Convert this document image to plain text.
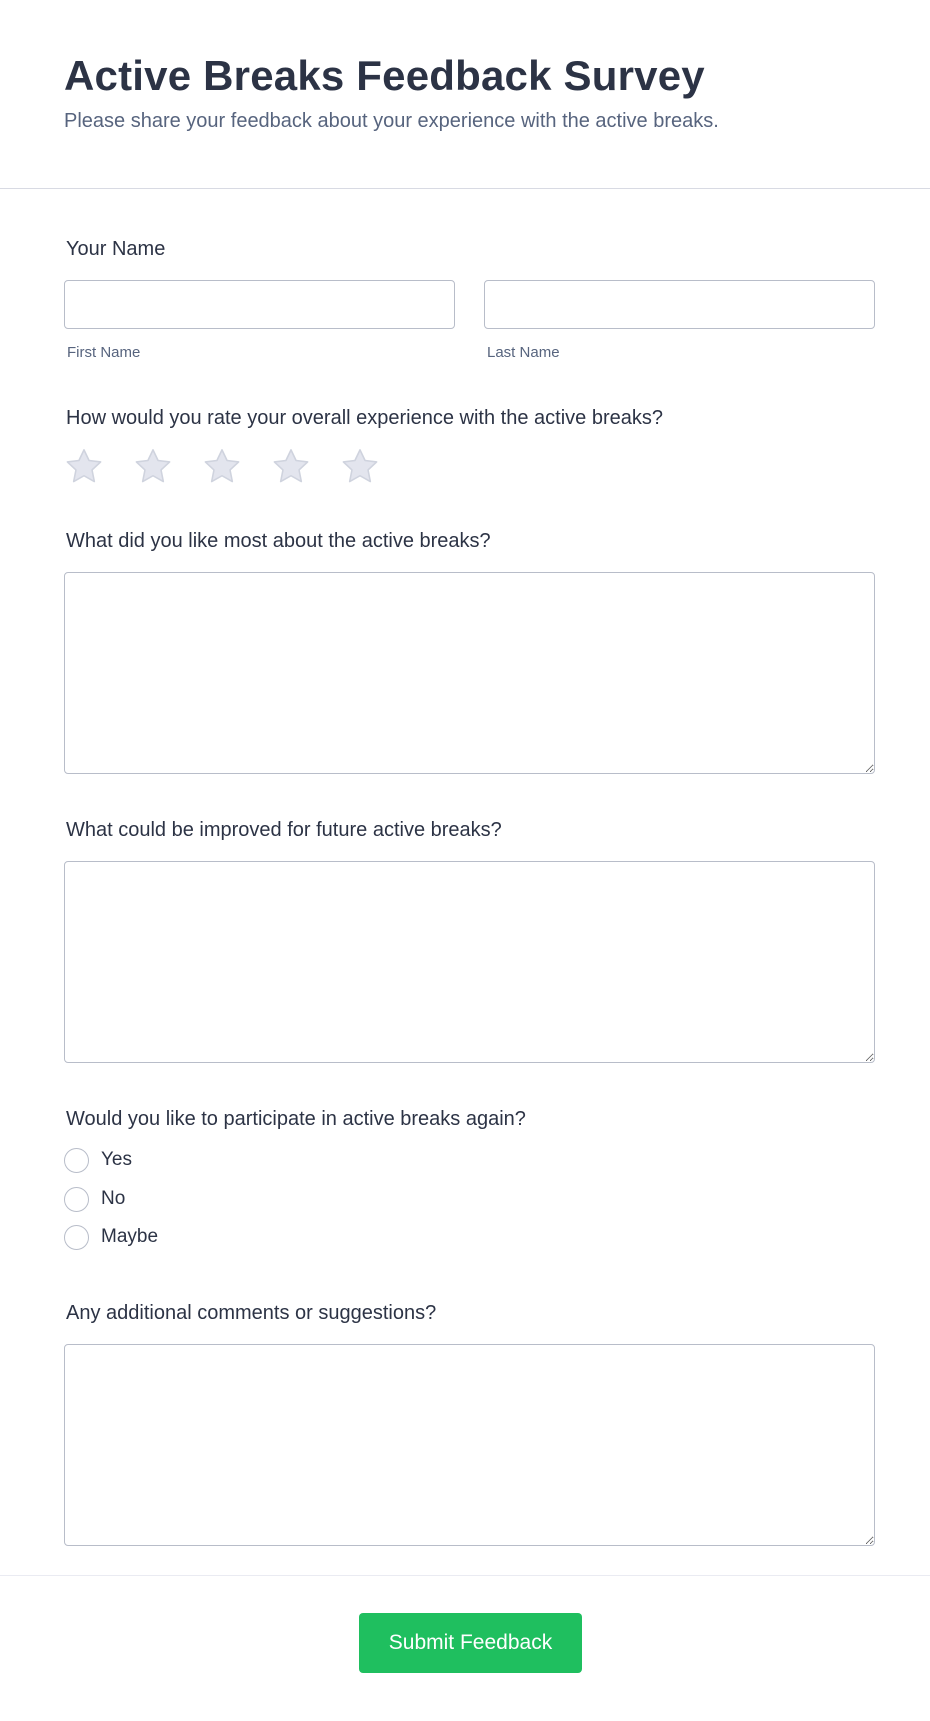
Active Breaks Feedback Survey
Please share your feedback about your experience with the active breaks.
Your Name
First Name	Last Name
How would you rate your overall experience with the active breaks?
What did you like most about the active breaks?
What could be improved for future active breaks?
Would you like to participate in active breaks again?
Yes
No
Maybe
Any additional comments or suggestions?
Submit Feedback
